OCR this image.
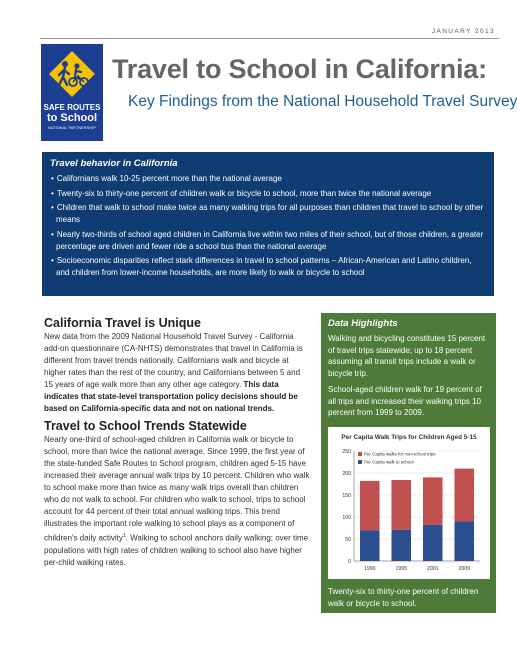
JANUARY 2013
SAFE ROUTES
to School
NATIONAL PARTNERSHIP
Travel to School in California:
Key Findings from the National Household Travel Survey
Travel behavior in California
• Californians walk 10-25 percent more than the national average
• Twenty-six to thirty-one percent of children walk or bicycle to school, more than twice the national average
• Children that walk to school make twice as many walking trips for all purposes than children that travel to school by other means
• Nearly two-thirds of school aged children in California live within two miles of their school, but of those children, a greater percentage are driven and fewer ride a school bus than the national average
• Socioeconomic disparities reflect stark differences in travel to school patterns – African-American and Latino children, and children from lower-income households, are more likely to walk or bicycle to school
California Travel is Unique

New data from the 2009 National Household Travel Survey - California add-on questionnaire (CA-NHTS) demonstrates that travel in California is different from travel trends nationally. Californians walk and bicycle at higher rates than the rest of the country, and Californians between 5 and 15 years of age walk more than any other age category. This data indicates that state-level transportation policy decisions should be based on California-specific data and not on national trends.

Travel to School Trends Statewide

Nearly one-third of school-aged children in California walk or bicycle to school, more than twice the national average. Since 1999, the first year of the state-funded Safe Routes to School program, children aged 5-15 have increased their average annual walk trips by 10 percent. Children who walk to school make more than twice as many walk trips overall than children who do not walk to school. For children who walk to school, trips to school account for 44 percent of their total annual walking trips. This trend illustrates the important role walking to school plays as a component of children's daily activity$^1$. Walking to school anchors daily walking; over time populations with high rates of children walking to school also have higher per-child walking rates.

Data Highlights

Walking and bicycling constitutes 15 percent of travel trips statewide; up to 18 percent assuming all transit trips include a walk or bicycle trip.

School-aged children walk for 19 percent of all trips and increased their walking trips 10 percent from 1999 to 2009.

Per Capita Walk Trips for Children Aged 5-15
0
50
100
150
200
250
1990	1995	2001	2009
Per Capita walks for non-school trips
Per Capita walk to school

Twenty-six to thirty-one percent of children walk or bicycle to school.
